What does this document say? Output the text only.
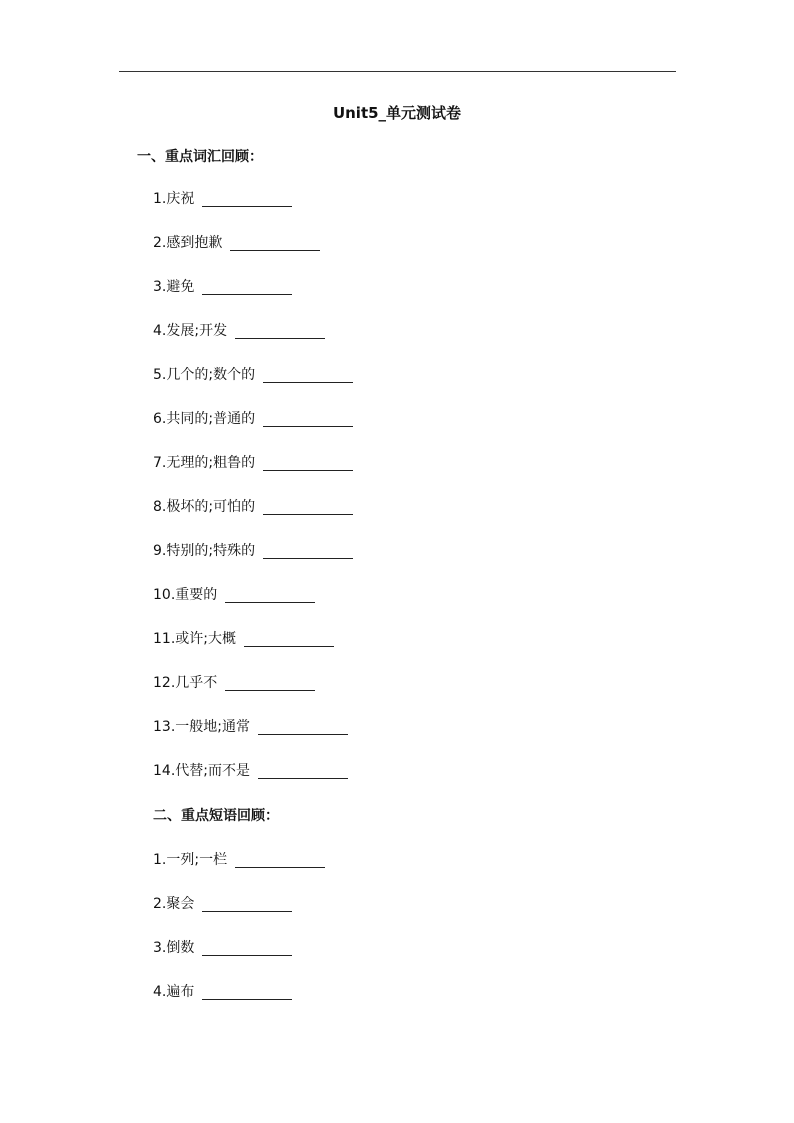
Unit5_单元测试卷
一、重点词汇回顾：
1.庆祝
2.感到抱歉
3.避免
4.发展;开发
5.几个的;数个的
6.共同的;普通的
7.无理的;粗鲁的
8.极坏的;可怕的
9.特别的;特殊的
10.重要的
11.或许;大概
12.几乎不
13.一般地;通常
14.代替;而不是
二、重点短语回顾：
1.一列;一栏
2.聚会
3.倒数
4.遍布
